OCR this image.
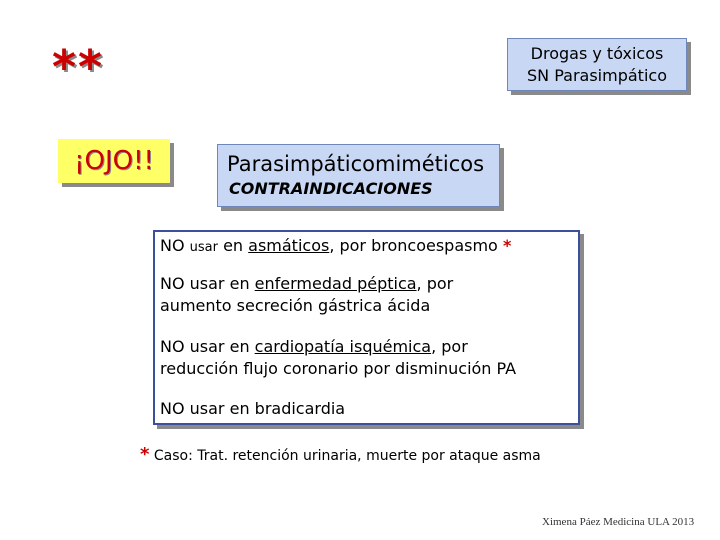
**
¡OJO!!
Drogas y tóxicos
SN Parasimpático
Parasimpáticomiméticos
CONTRAINDICACIONES
NO usar en asmáticos, por broncoespasmo *
NO usar en enfermedad péptica, por
aumento secreción gástrica ácida
NO usar en cardiopatía isquémica, por
reducción flujo coronario por disminución PA
NO usar en bradicardia
* Caso: Trat. retención urinaria, muerte por ataque asma
Ximena Páez Medicina ULA 2013
